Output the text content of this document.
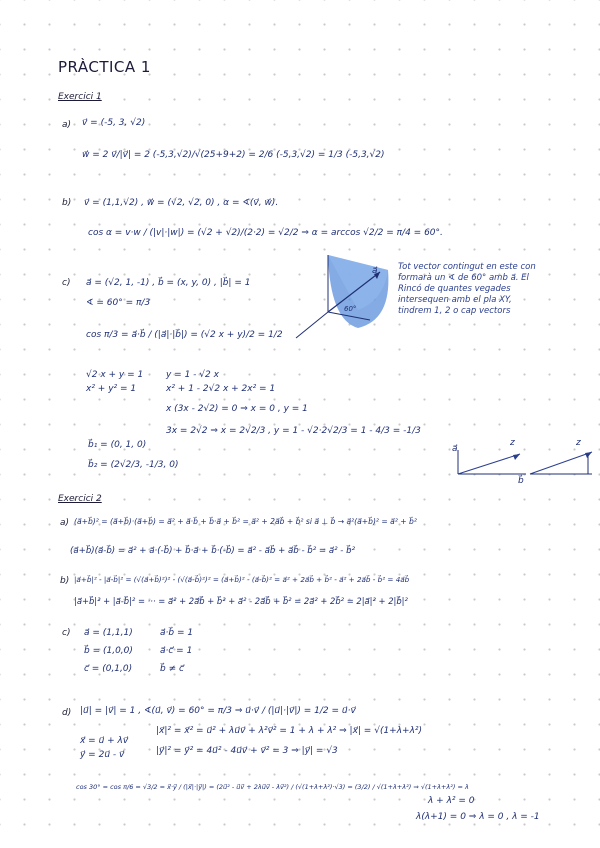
PRÀCTICA 1
Exercici 1
a) v⃗ = (-5, 3, √2)
w⃗ = 2 v⃗/|v⃗| = 2 (-5,3,√2)/√(25+9+2) = 2/6 (-5,3,√2) = 1/3 (-5,3,√2)
b) v⃗ = (1,1,√2) , w⃗ = (√2, √2, 0) , α = ∢(v⃗, w⃗).
cos α = v·w / (|v|·|w|) = (√2 + √2)/(2·2) = √2/2 ⇒ α = arccos √2/2 = π/4 = 60°.
c) a⃗ = (√2, 1, -1) , b⃗ = (x, y, 0) , |b⃗| = 1
∢ = 60° = π/3
cos π/3 = a⃗·b⃗ / (|a⃗|·|b⃗|) = (√2 x + y)/2 = 1/2
√2 x + y = 1
x² + y² = 1
y = 1 - √2 x
x² + 1 - 2√2 x + 2x² = 1
x (3x - 2√2) = 0 ⇒ x = 0 , y = 1
3x = 2√2 ⇒ x = 2√2/3 , y = 1 - √2·2√2/3 = 1 - 4/3 = -1/3
b⃗₁ = (0, 1, 0)
b⃗₂ = (2√2/3, -1/3, 0)
a⃗
60°
Tot vector contingut en este con formarà un ∢ de 60° amb a⃗. El Rincó de quantes vegades intersequen amb el pla XY, tindrem 1, 2 o cap vectors
a⃗
z	z
b⃗
Exercici 2
a) (a⃗+b⃗)² = (a⃗+b⃗)·(a⃗+b⃗) = a⃗² + a⃗·b⃗ + b⃗·a⃗ + b⃗² = a⃗² + 2a⃗b⃗ + b⃗² si a⃗ ⊥ b⃗ → a⃗²(a⃗+b⃗)² = a⃗² + b⃗²
(a⃗+b⃗)(a⃗-b⃗) = a⃗² + a⃗·(-b⃗) + b⃗·a⃗ + b⃗·(-b⃗) = a⃗² - a⃗b⃗ + a⃗b⃗ - b⃗² = a⃗² - b⃗²
b) |a⃗+b⃗|² - |a⃗-b⃗|² = (√(a⃗+b⃗)²)² - (√(a⃗-b⃗)²)² = (a⃗+b⃗)² - (a⃗-b⃗)² = a⃗² + 2a⃗b⃗ + b⃗² - a⃗² + 2a⃗b⃗ - b⃗² = 4a⃗b⃗
|a⃗+b⃗|² + |a⃗-b⃗|² = ··· = a⃗² + 2a⃗b⃗ + b⃗² + a⃗² - 2a⃗b⃗ + b⃗² = 2a⃗² + 2b⃗² = 2|a⃗|² + 2|b⃗|²
c) a⃗ = (1,1,1)
b⃗ = (1,0,0)
c⃗ = (0,1,0)
a⃗·b⃗ = 1
a⃗·c⃗ = 1
b⃗ ≠ c⃗
d) |u⃗| = |v⃗| = 1 , ∢(u⃗, v⃗) = 60° = π/3 ⇒ u⃗·v⃗ / (|u⃗|·|v⃗|) = 1/2 = u⃗·v⃗
x⃗ = u⃗ + λv⃗
y⃗ = 2u⃗ - v⃗
|x⃗|² = x⃗² = u⃗² + λu⃗v⃗ + λ²v⃗² = 1 + λ + λ² ⇒ |x⃗| = √(1+λ+λ²)
|y⃗|² = y⃗² = 4u⃗² - 4u⃗v⃗ + v⃗² = 3 ⇒ |y⃗| = √3
cos 30° = cos π/6 = √3/2 = x⃗·y⃗ / (|x⃗|·|y⃗|) = (2u⃗² - u⃗v⃗ + 2λu⃗v⃗ - λv⃗²) / (√(1+λ+λ²)·√3) = (3/2) / √(1+λ+λ²) ⇒ √(1+λ+λ²) = λ
λ + λ² = 0
λ(λ+1) = 0 ⇒ λ = 0 , λ = -1
